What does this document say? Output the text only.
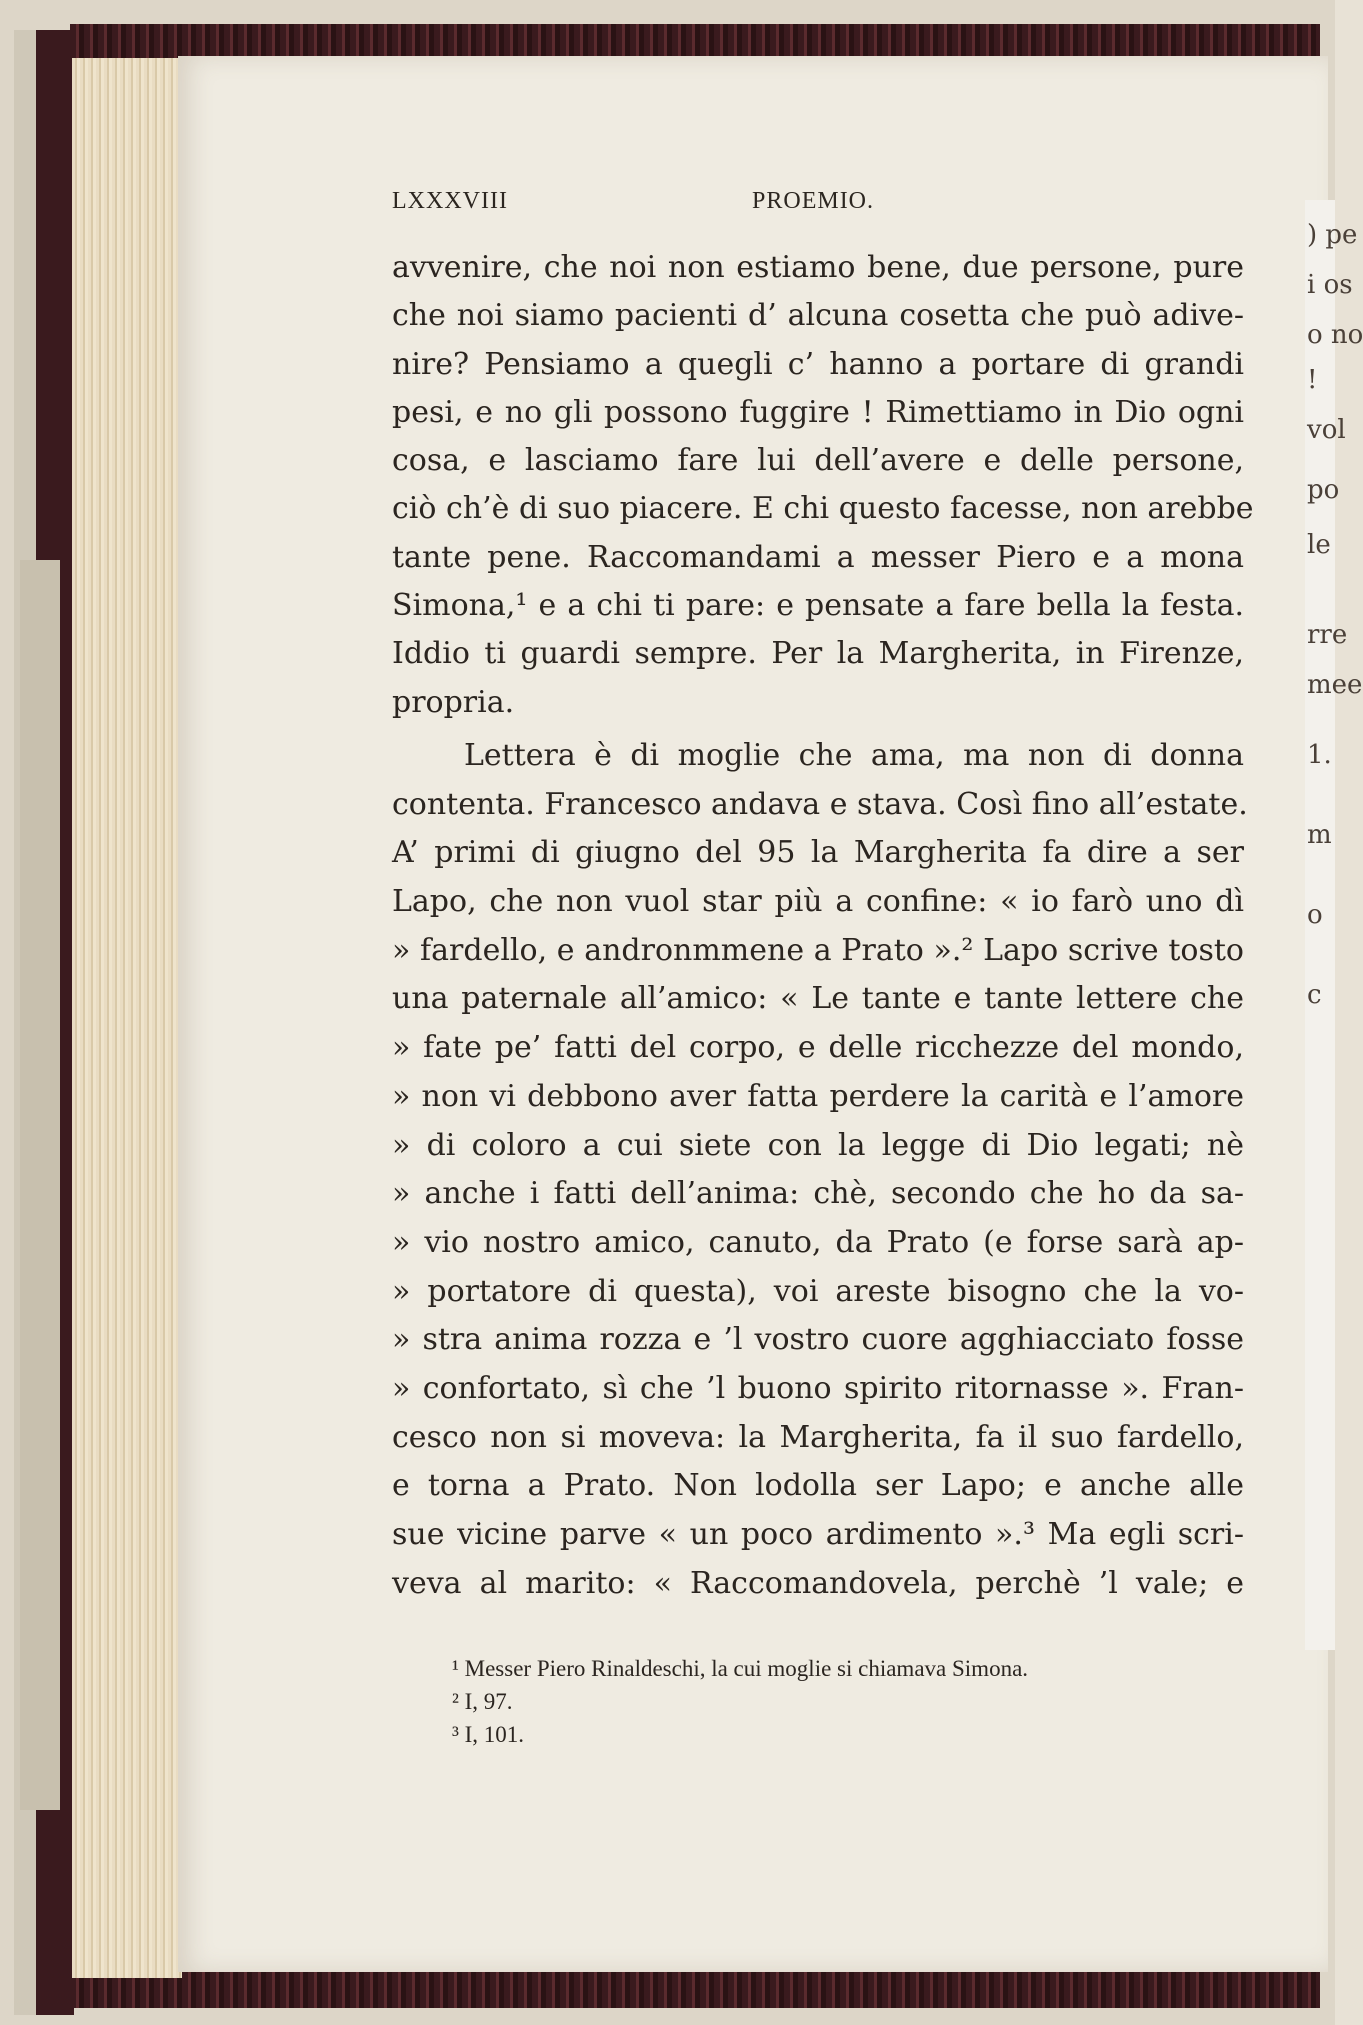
) pe
i os
o no
!
vol
po
le
rre
mee
1.
m
o
c
LXXXVIII	PROEMIO.
avvenire, che noi non estiamo bene, due persone, pure
che noi siamo pacienti d’ alcuna cosetta che può adive-
nire? Pensiamo a quegli c’ hanno a portare di grandi
pesi, e no gli possono fuggire ! Rimettiamo in Dio ogni
cosa, e lasciamo fare lui dell’avere e delle persone,
ciò ch’è di suo piacere. E chi questo facesse, non arebbe
tante pene. Raccomandami a messer Piero e a mona
Simona,¹ e a chi ti pare: e pensate a fare bella la festa.
Iddio ti guardi sempre. Per la Margherita, in Firenze,
propria.
Lettera è di moglie che ama, ma non di donna
contenta. Francesco andava e stava. Così fino all’estate.
A’ primi di giugno del 95 la Margherita fa dire a ser
Lapo, che non vuol star più a confine: « io farò uno dì
» fardello, e andronmmene a Prato ».² Lapo scrive tosto
una paternale all’amico: « Le tante e tante lettere che
» fate pe’ fatti del corpo, e delle ricchezze del mondo,
» non vi debbono aver fatta perdere la carità e l’amore
» di coloro a cui siete con la legge di Dio legati; nè
» anche i fatti dell’anima: chè, secondo che ho da sa-
» vio nostro amico, canuto, da Prato (e forse sarà ap-
» portatore di questa), voi areste bisogno che la vo-
» stra anima rozza e ’l vostro cuore agghiacciato fosse
» confortato, sì che ’l buono spirito ritornasse ». Fran-
cesco non si moveva: la Margherita, fa il suo fardello,
e torna a Prato. Non lodolla ser Lapo; e anche alle
sue vicine parve « un poco ardimento ».³ Ma egli scri-
veva al marito: « Raccomandovela, perchè ’l vale; e
¹ Messer Piero Rinaldeschi, la cui moglie si chiamava Simona.
² I, 97.
³ I, 101.
